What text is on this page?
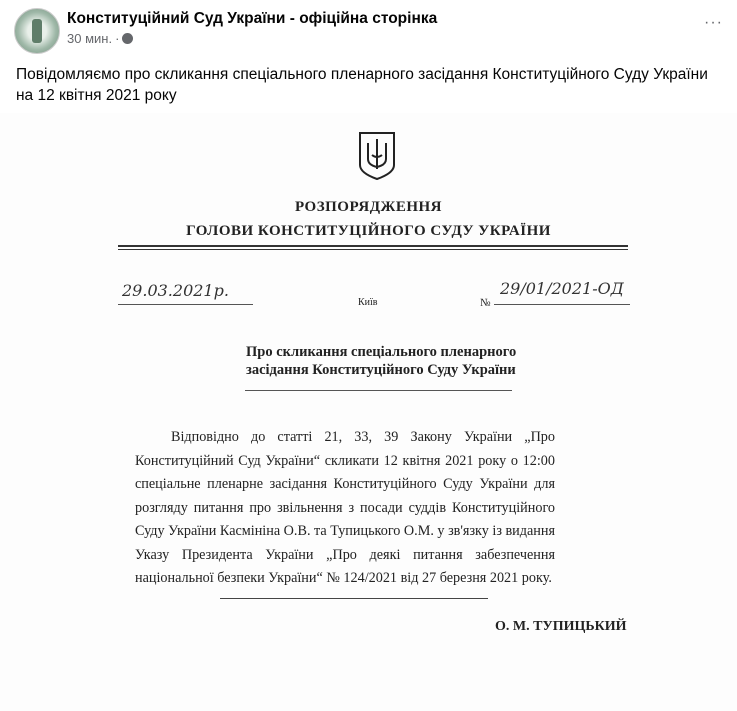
Конституційний Суд України - офіційна сторінка
30 мин. ·
···
Повідомляємо про скликання спеціального пленарного засідання Конституційного Суду України на 12 квітня 2021 року
РОЗПОРЯДЖЕННЯ
ГОЛОВИ КОНСТИТУЦІЙНОГО СУДУ УКРАЇНИ
29.03.2021р.
Київ	№
29/01/2021-ОД
Про скликання спеціального пленарного
засідання Конституційного Суду України
Відповідно до статті 21, 33, 39 Закону України „Про Конституційний Суд України“ скликати 12 квітня 2021 року о 12:00 спеціальне пленарне засідання Конституційного Суду України для розгляду питання про звільнення з посади суддів Конституційного Суду України Касмініна О.В. та Тупицького О.М. у зв'язку із видання Указу Президента України „Про деякі питання забезпечення національної безпеки України“ № 124/2021 від 27 березня 2021 року.
О. М. ТУПИЦЬКИЙ
